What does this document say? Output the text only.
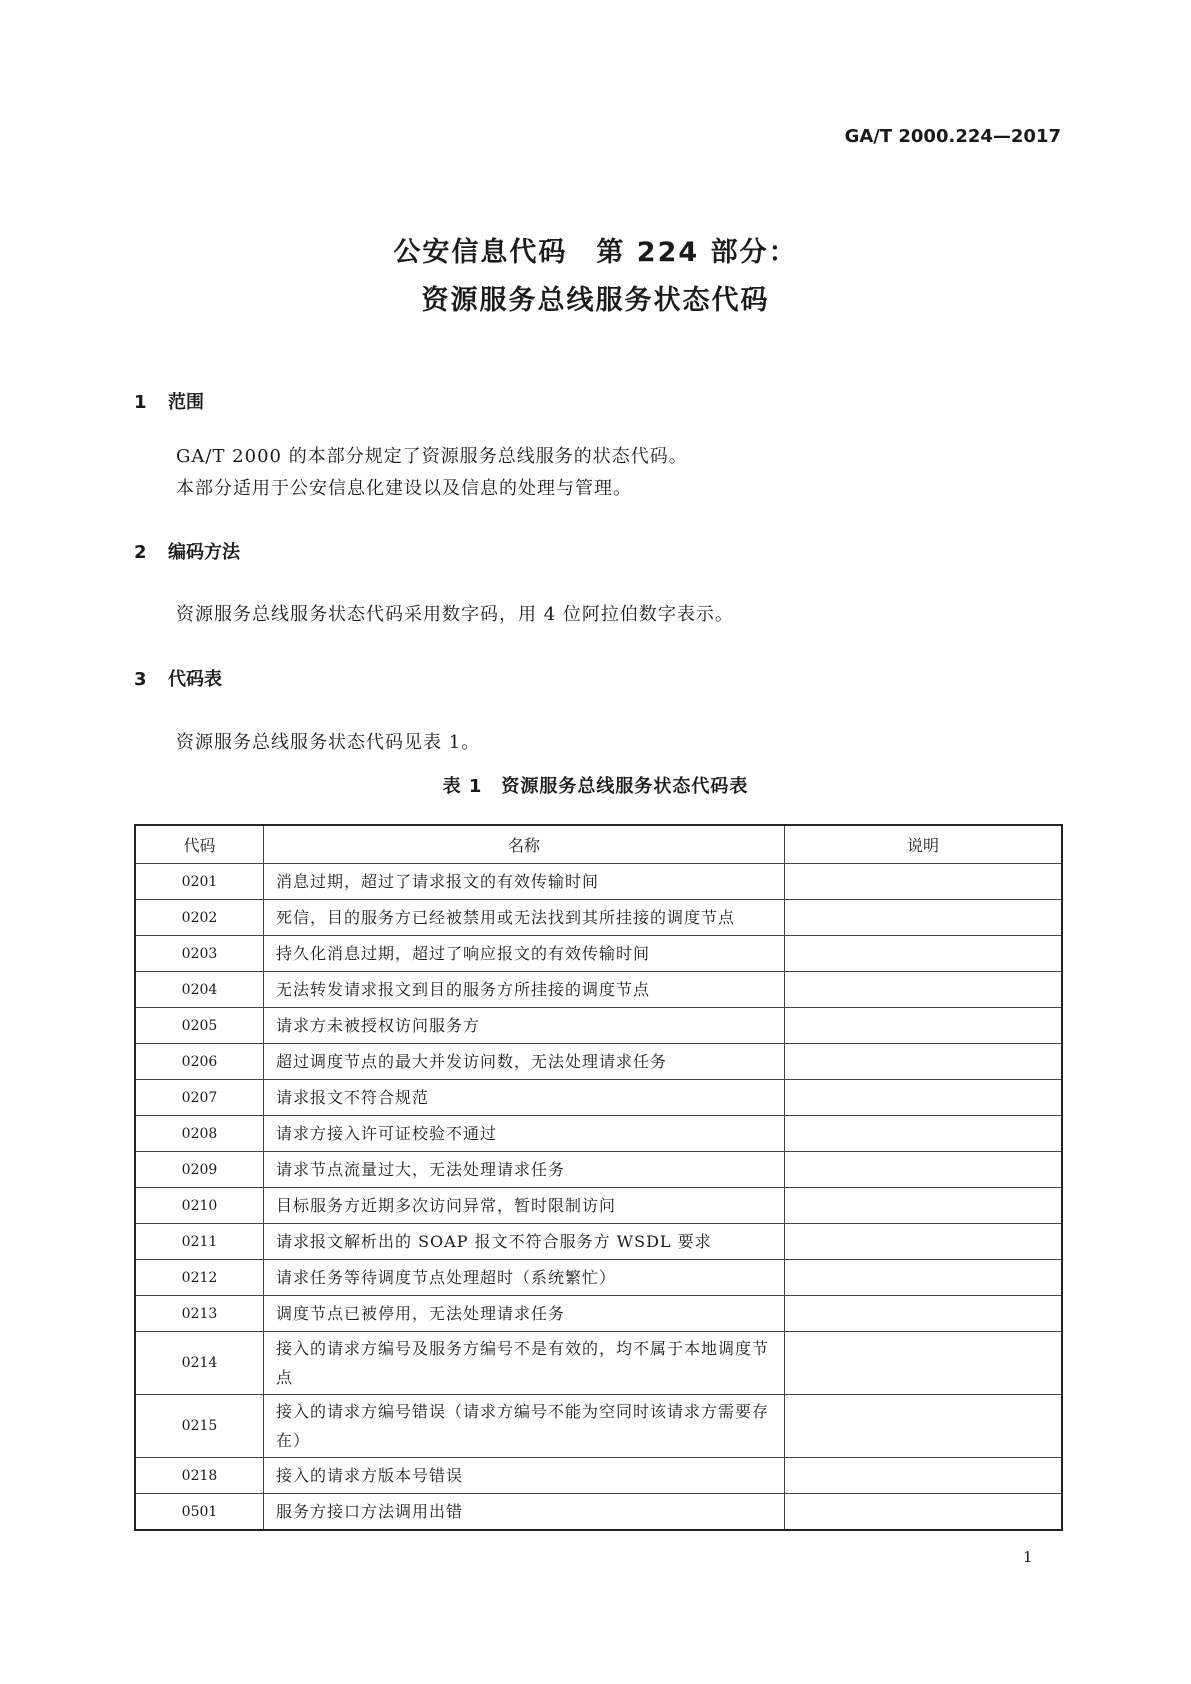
GA/T 2000.224—2017
公安信息代码　第 224 部分：
资源服务总线服务状态代码
1 范围
GA/T 2000 的本部分规定了资源服务总线服务的状态代码。
本部分适用于公安信息化建设以及信息的处理与管理。
2 编码方法
资源服务总线服务状态代码采用数字码，用 4 位阿拉伯数字表示。
3 代码表
资源服务总线服务状态代码见表 1。
表 1　资源服务总线服务状态代码表
代码	名称	说明
0201	消息过期，超过了请求报文的有效传输时间	
0202	死信，目的服务方已经被禁用或无法找到其所挂接的调度节点	
0203	持久化消息过期，超过了响应报文的有效传输时间	
0204	无法转发请求报文到目的服务方所挂接的调度节点	
0205	请求方未被授权访问服务方	
0206	超过调度节点的最大并发访问数，无法处理请求任务	
0207	请求报文不符合规范	
0208	请求方接入许可证校验不通过	
0209	请求节点流量过大，无法处理请求任务	
0210	目标服务方近期多次访问异常，暂时限制访问	
0211	请求报文解析出的 SOAP 报文不符合服务方 WSDL 要求	
0212	请求任务等待调度节点处理超时（系统繁忙）	
0213	调度节点已被停用，无法处理请求任务	
0214	接入的请求方编号及服务方编号不是有效的，均不属于本地调度节点	
0215	接入的请求方编号错误（请求方编号不能为空同时该请求方需要存在）	
0218	接入的请求方版本号错误	
0501	服务方接口方法调用出错	
1
